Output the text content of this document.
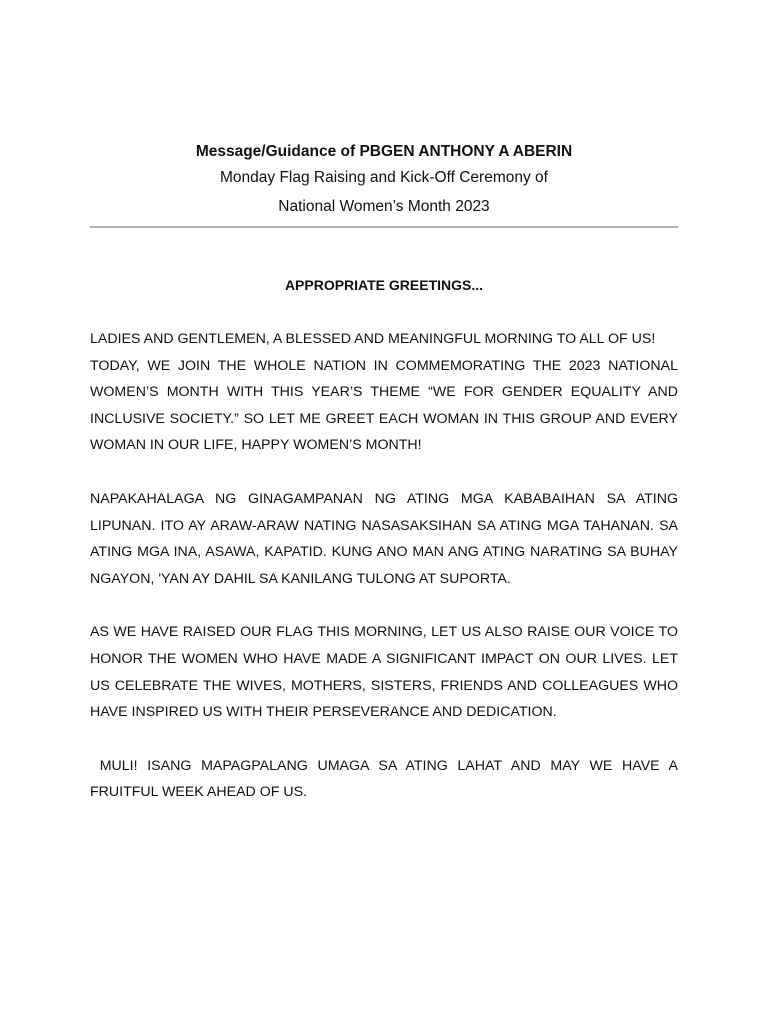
Message/Guidance of PBGEN ANTHONY A ABERIN

Monday Flag Raising and Kick-Off Ceremony of

National Women’s Month 2023

APPROPRIATE GREETINGS...

LADIES AND GENTLEMEN, A BLESSED AND MEANINGFUL MORNING TO ALL OF US!

TODAY, WE JOIN THE WHOLE NATION IN COMMEMORATING THE 2023 NATIONAL WOMEN’S MONTH WITH THIS YEAR’S THEME “WE FOR GENDER EQUALITY AND INCLUSIVE SOCIETY.” SO LET ME GREET EACH WOMAN IN THIS GROUP AND EVERY WOMAN IN OUR LIFE, HAPPY WOMEN’S MONTH!

NAPAKAHALAGA NG GINAGAMPANAN NG ATING MGA KABABAIHAN SA ATING LIPUNAN. ITO AY ARAW-ARAW NATING NASASAKSIHAN SA ATING MGA TAHANAN. SA ATING MGA INA, ASAWA, KAPATID. KUNG ANO MAN ANG ATING NARATING SA BUHAY NGAYON, 'YAN AY DAHIL SA KANILANG TULONG AT SUPORTA.

AS WE HAVE RAISED OUR FLAG THIS MORNING, LET US ALSO RAISE OUR VOICE TO HONOR THE WOMEN WHO HAVE MADE A SIGNIFICANT IMPACT ON OUR LIVES. LET US CELEBRATE THE WIVES, MOTHERS, SISTERS, FRIENDS AND COLLEAGUES WHO HAVE INSPIRED US WITH THEIR PERSEVERANCE AND DEDICATION.

MULI! ISANG MAPAGPALANG UMAGA SA ATING LAHAT AND MAY WE HAVE A FRUITFUL WEEK AHEAD OF US.
